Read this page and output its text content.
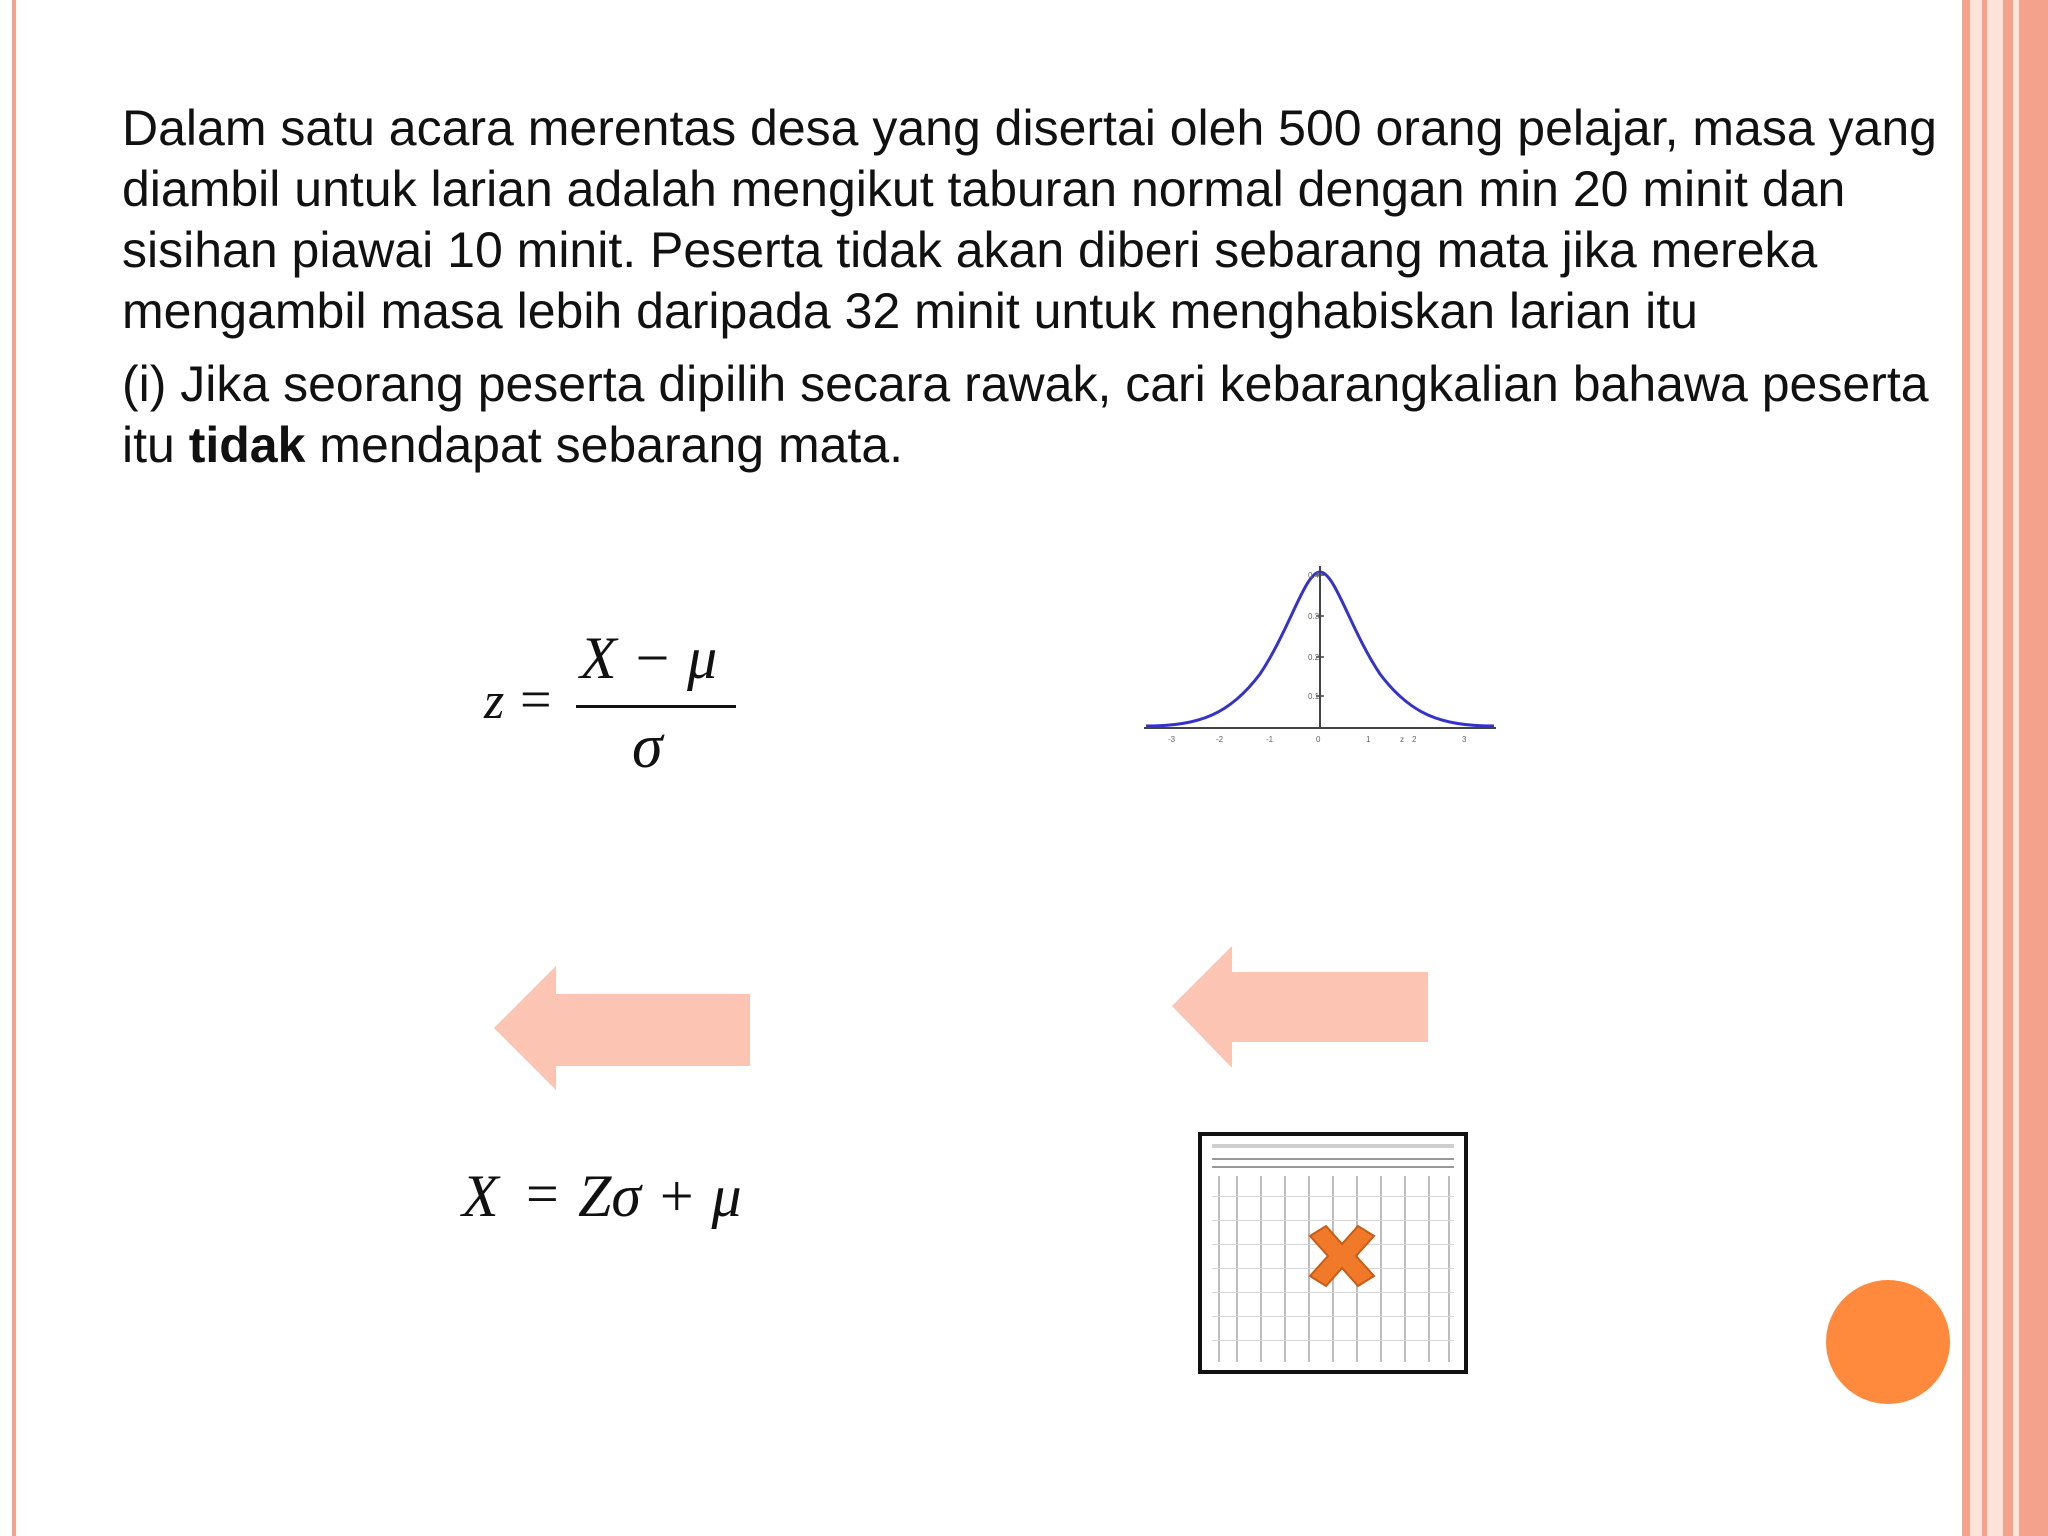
Dalam satu acara merentas desa yang disertai oleh 500 orang pelajar, masa yang diambil untuk larian adalah mengikut taburan normal dengan min 20 minit dan sisihan piawai 10 minit. Peserta tidak akan diberi sebarang mata jika mereka mengambil masa lebih daripada 32 minit untuk menghabiskan larian itu

(i) Jika seorang peserta dipilih secara rawak, cari kebarangkalian bahawa peserta itu tidak mendapat sebarang mata.

z =
X − μ
σ
X = Zσ + μ
0.4
0.3
0.2
0.1
-3	-2	-1	0	1	z 2	3
